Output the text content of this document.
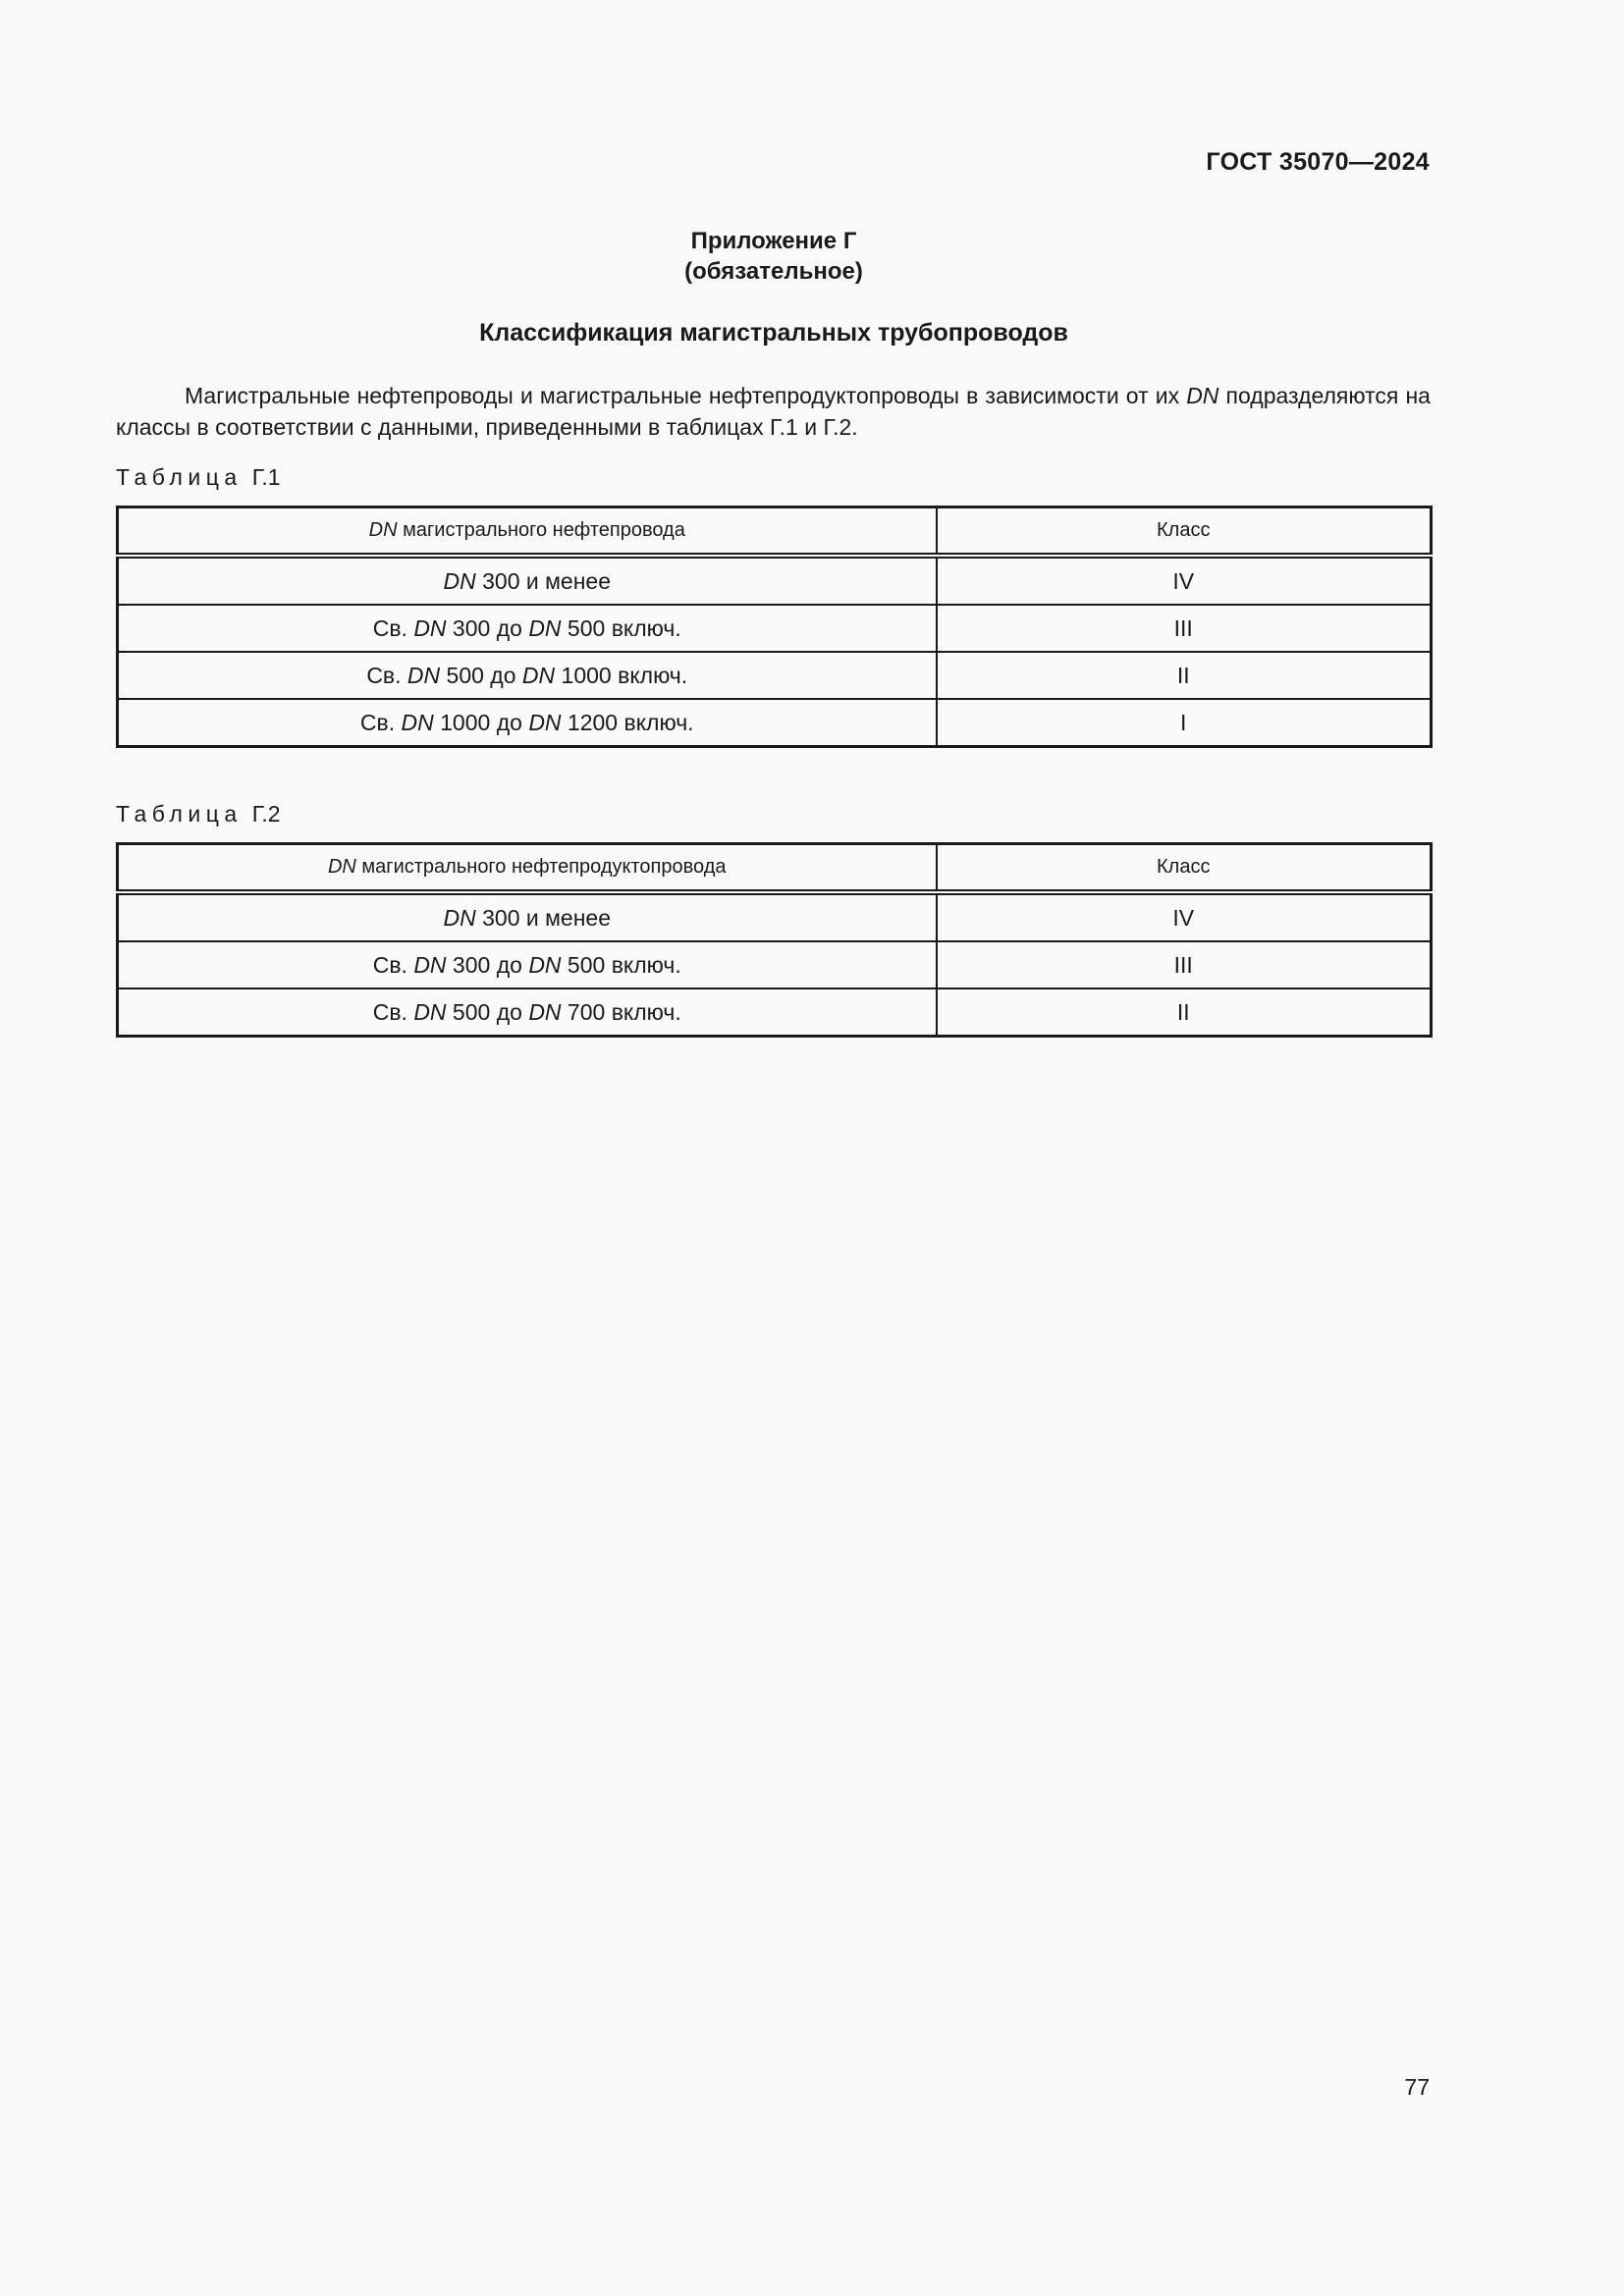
ГОСТ 35070—2024
Приложение Г
(обязательное)
Классификация магистральных трубопроводов

Магистральные нефтепроводы и магистральные нефтепродуктопроводы в зависимости от их DN подразделяются на классы в соответствии с данными, приведенными в таблицах Г.1 и Г.2.

Таблица Г.1
DN магистрального нефтепровода	Класс
DN 300 и менее	IV
Св. DN 300 до DN 500 включ.	III
Св. DN 500 до DN 1000 включ.	II
Св. DN 1000 до DN 1200 включ.	I
Таблица Г.2
DN магистрального нефтепродуктопровода	Класс
DN 300 и менее	IV
Св. DN 300 до DN 500 включ.	III
Св. DN 500 до DN 700 включ.	II
77
